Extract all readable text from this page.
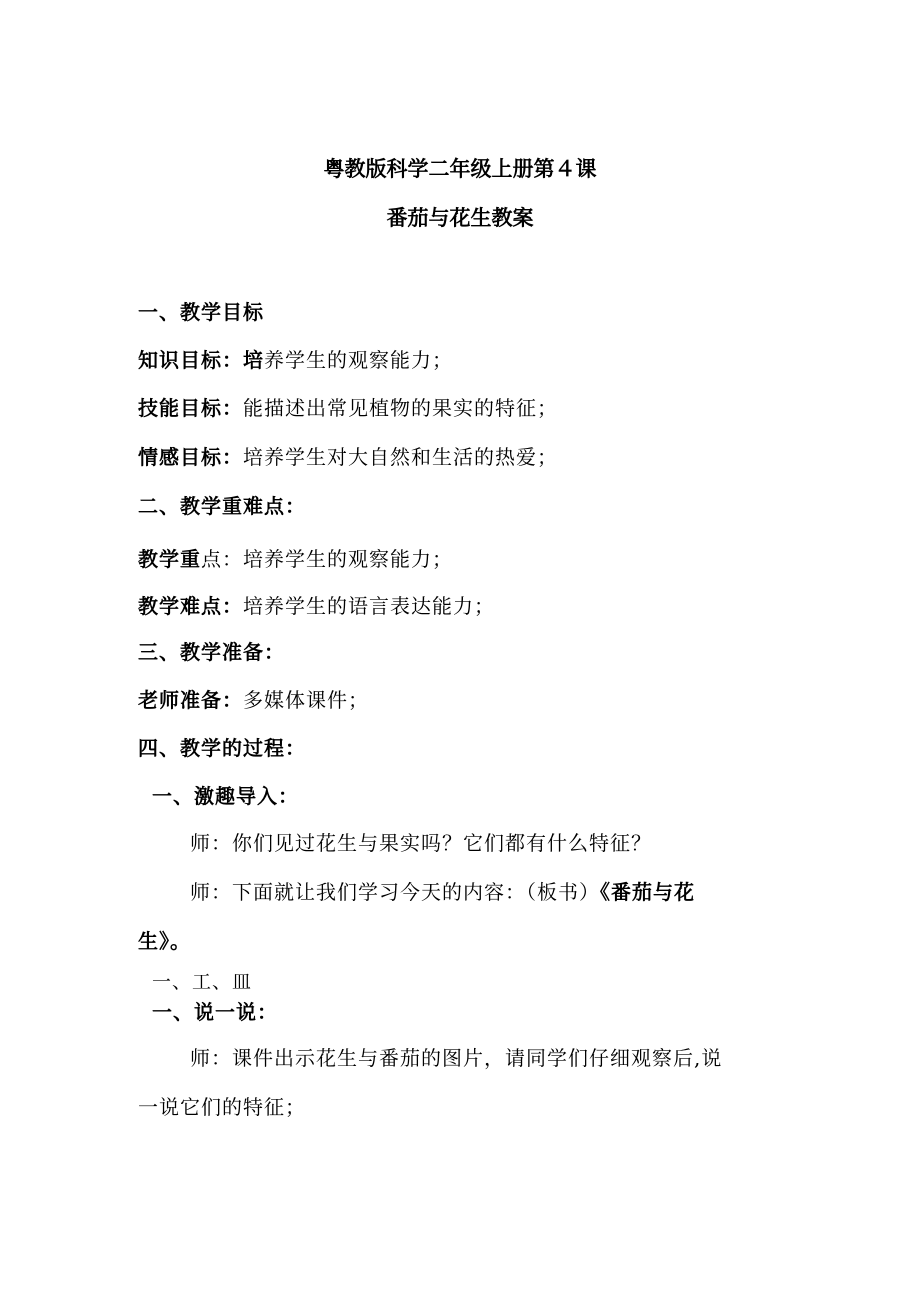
粤教版科学二年级上册第４课
番茄与花生教案
一、教学目标
知识目标：培养学生的观察能力；
技能目标：能描述出常见植物的果实的特征；
情感目标：培养学生对大自然和生活的热爱；
二、教学重难点：
教学重点：培养学生的观察能力；
教学难点：培养学生的语言表达能力；
三、教学准备：
老师准备：多媒体课件；
四、教学的过程：
一、激趣导入：
师：你们见过花生与果实吗？它们都有什么特征？
师：下面就让我们学习今天的内容：（板书）《番茄与花
生》。
一、工、皿
一、说一说：
师：课件出示花生与番茄的图片，请同学们仔细观察后,说
一说它们的特征；
